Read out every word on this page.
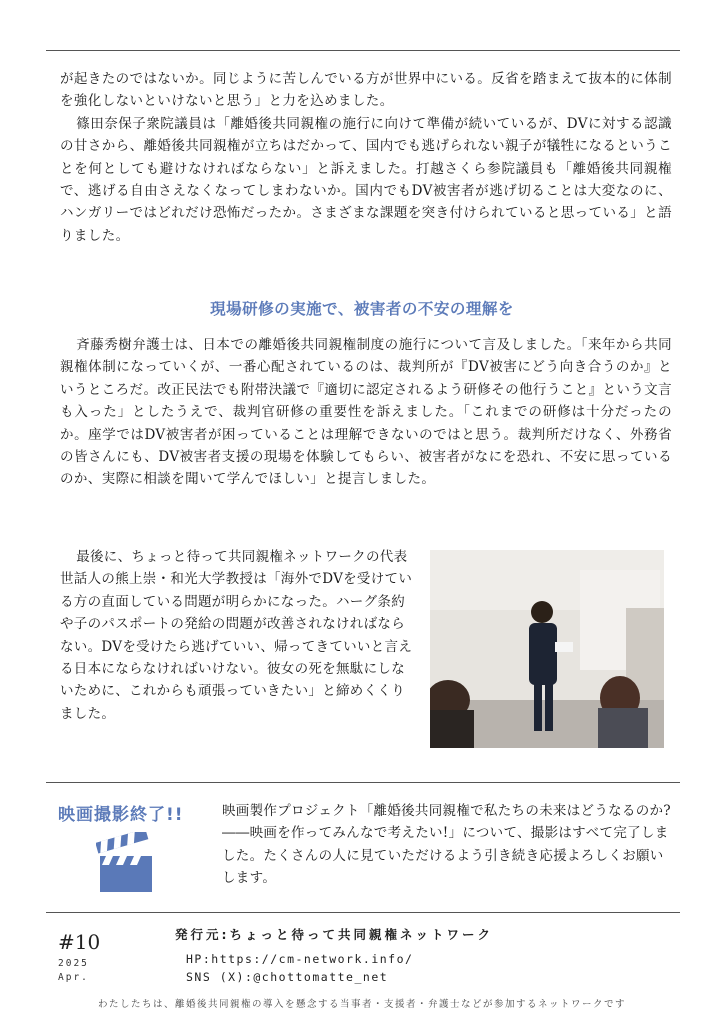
が起きたのではないか。同じように苦しんでいる方が世界中にいる。反省を踏まえて抜本的に体制を強化しないといけないと思う」と力を込めました。

篠田奈保子衆院議員は「離婚後共同親権の施行に向けて準備が続いているが、DVに対する認識の甘さから、離婚後共同親権が立ちはだかって、国内でも逃げられない親子が犠牲になるということを何としても避けなければならない」と訴えました。打越さくら参院議員も「離婚後共同親権で、逃げる自由さえなくなってしまわないか。国内でもDV被害者が逃げ切ることは大変なのに、ハンガリーではどれだけ恐怖だったか。さまざまな課題を突き付けられていると思っている」と語りました。

現場研修の実施で、被害者の不安の理解を

斉藤秀樹弁護士は、日本での離婚後共同親権制度の施行について言及しました。「来年から共同親権体制になっていくが、一番心配されているのは、裁判所が『DV被害にどう向き合うのか』というところだ。改正民法でも附帯決議で『適切に認定されるよう研修その他行うこと』という文言も入った」としたうえで、裁判官研修の重要性を訴えました。「これまでの研修は十分だったのか。座学ではDV被害者が困っていることは理解できないのではと思う。裁判所だけなく、外務省の皆さんにも、DV被害者支援の現場を体験してもらい、被害者がなにを恐れ、不安に思っているのか、実際に相談を聞いて学んでほしい」と提言しました。

最後に、ちょっと待って共同親権ネットワークの代表世話人の熊上崇・和光大学教授は「海外でDVを受けている方の直面している問題が明らかになった。ハーグ条約や子のパスポートの発給の問題が改善されなければならない。DVを受けたら逃げていい、帰ってきていいと言える日本にならなければいけない。彼女の死を無駄にしないために、これからも頑張っていきたい」と締めくくりました。

映画撮影終了!!	映画製作プロジェクト「離婚後共同親権で私たちの未来はどうなるのか?――映画を作ってみんなで考えたい!」について、撮影はすべて完了しました。たくさんの人に見ていただけるよう引き続き応援よろしくお願いします。
#10
2025
Apr.
発行元:ちょっと待って共同親権ネットワーク
HP:https://cm-network.info/
SNS (X):@chottomatte_net
わたしたちは、離婚後共同親権の導入を懸念する当事者・支援者・弁護士などが参加するネットワークです
